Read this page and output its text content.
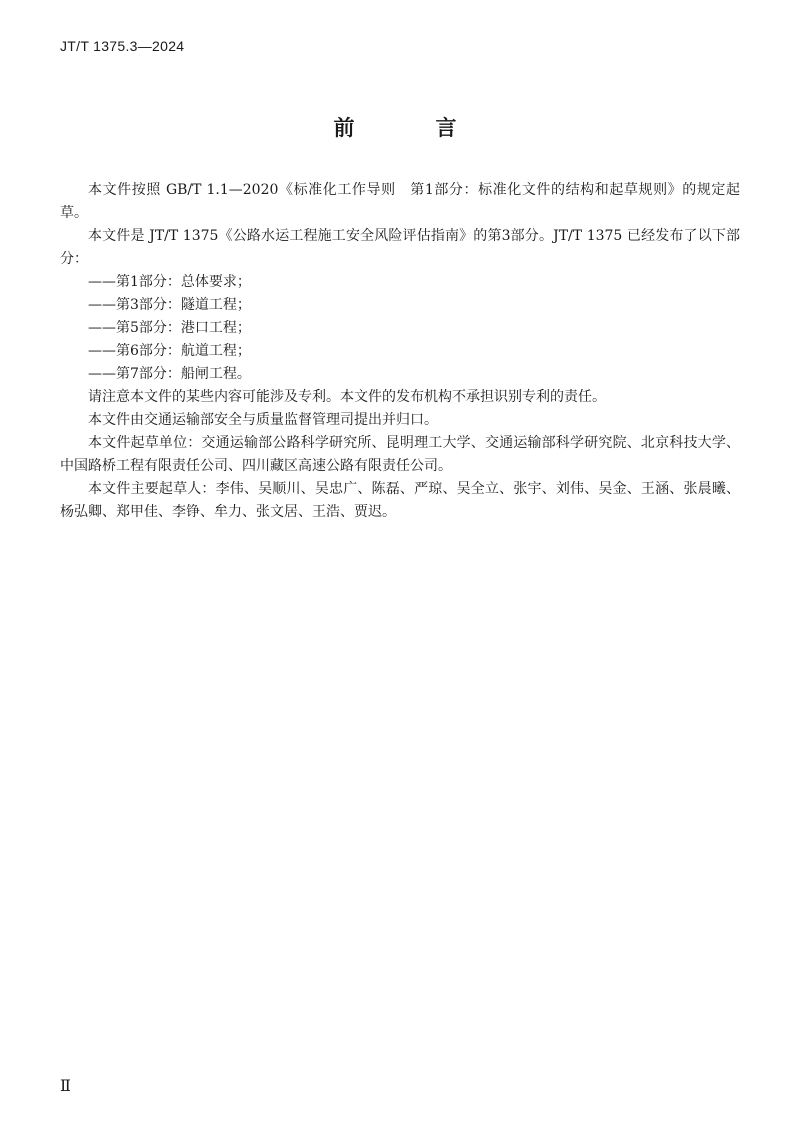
JT/T 1375.3—2024
前　言

本文件按照 GB/T 1.1—2020《标准化工作导则　第1部分：标准化文件的结构和起草规则》的规定起草。

本文件是 JT/T 1375《公路水运工程施工安全风险评估指南》的第3部分。JT/T 1375 已经发布了以下部分：

——第1部分：总体要求；

——第3部分：隧道工程；

——第5部分：港口工程；

——第6部分：航道工程；

——第7部分：船闸工程。

请注意本文件的某些内容可能涉及专利。本文件的发布机构不承担识别专利的责任。

本文件由交通运输部安全与质量监督管理司提出并归口。

本文件起草单位：交通运输部公路科学研究所、昆明理工大学、交通运输部科学研究院、北京科技大学、中国路桥工程有限责任公司、四川藏区高速公路有限责任公司。

本文件主要起草人：李伟、吴顺川、吴忠广、陈磊、严琼、吴全立、张宇、刘伟、吴金、王涵、张晨曦、杨弘卿、郑甲佳、李铮、牟力、张文居、王浩、贾迟。

Ⅱ
